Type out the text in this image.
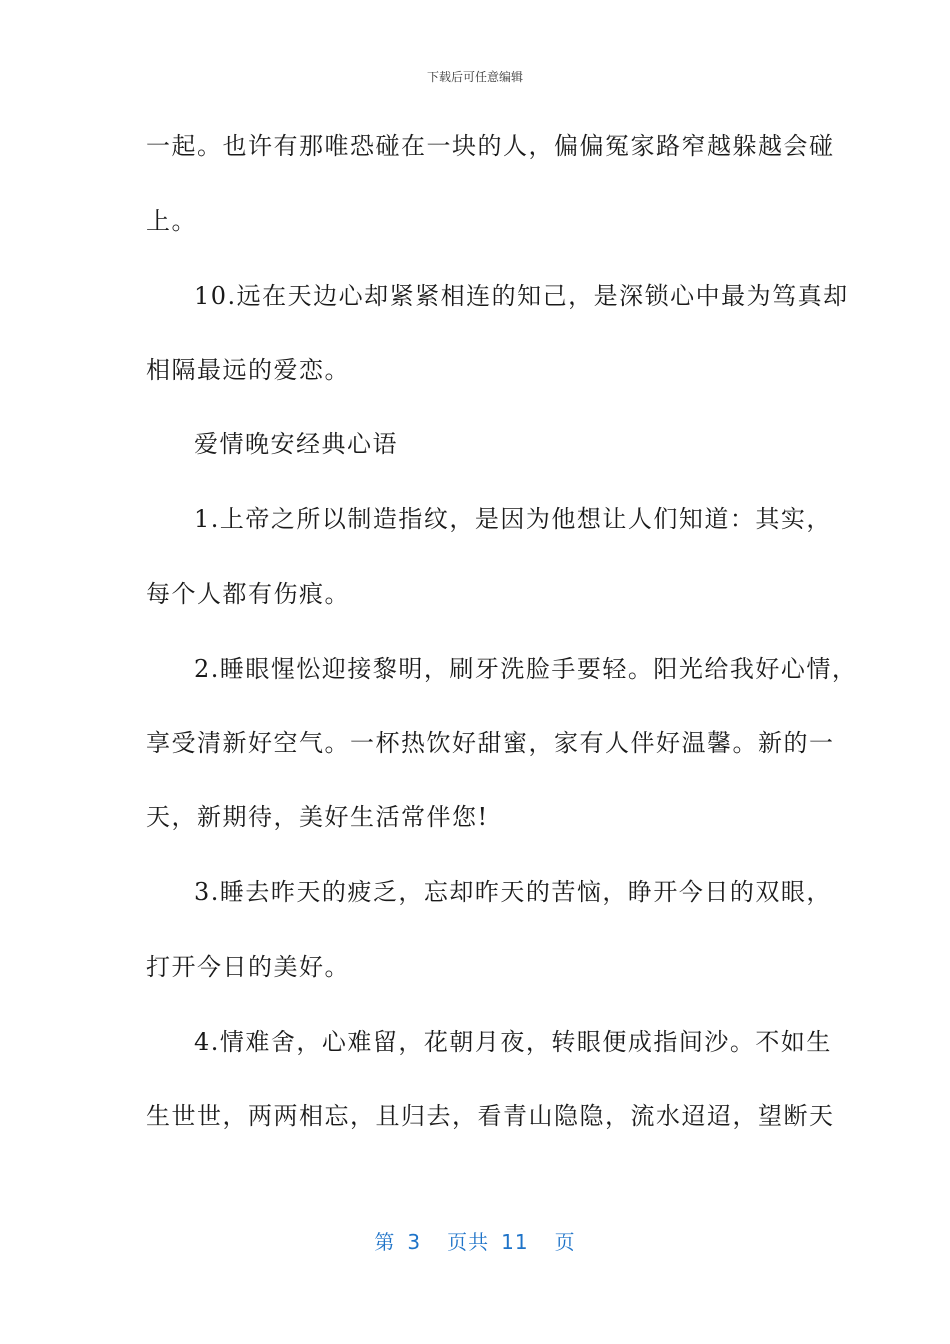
下载后可任意编辑
一起。也许有那唯恐碰在一块的人，偏偏冤家路窄越躲越会碰
上。
10.远在天边心却紧紧相连的知己，是深锁心中最为笃真却
相隔最远的爱恋。
爱情晚安经典心语
1.上帝之所以制造指纹，是因为他想让人们知道：其实，
每个人都有伤痕。
2.睡眼惺忪迎接黎明，刷牙洗脸手要轻。阳光给我好心情，
享受清新好空气。一杯热饮好甜蜜，家有人伴好温馨。新的一
天，新期待，美好生活常伴您!
3.睡去昨天的疲乏，忘却昨天的苦恼，睁开今日的双眼，
打开今日的美好。
4.情难舍，心难留，花朝月夜，转眼便成指间沙。不如生
生世世，两两相忘，且归去，看青山隐隐，流水迢迢，望断天
第 3 页共 11 页
